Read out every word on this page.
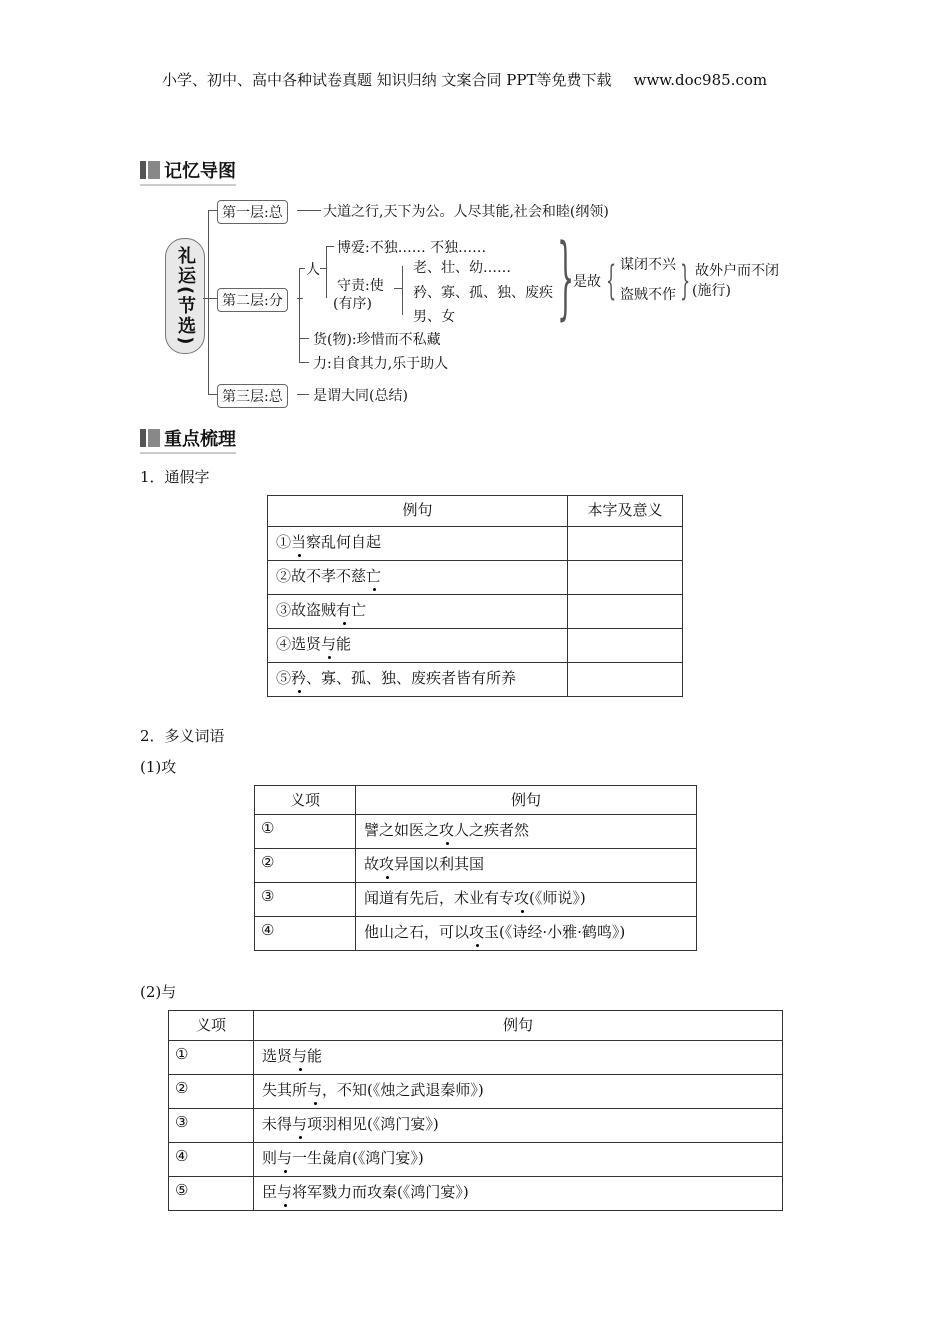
小学、初中、高中各种试卷真题 知识归纳 文案合同 PPT等免费下载 www.doc985.com
记忆导图
礼运(节选)
第一层:总	大道之行,天下为公。人尽其能,社会和睦(纲领)
第二层:分
人
博爱:不独…… 不独……
守责:使
(有序)
老、壮、幼……
矜、寡、孤、独、废疾
男、女 }
是故 { 谋闭不兴
盗贼不作 } 故外户而不闭
(施行)
货(物):珍惜而不私藏
力:自食其力,乐于助人
第三层:总	是谓大同(总结)
重点梳理
1．通假字
例句	本字及意义
①当察乱何自起	
②故不孝不慈亡	
③故盗贼有亡	
④选贤与能	
⑤矜、寡、孤、独、废疾者皆有所养	
2．多义词语
(1)攻
义项	例句
①	譬之如医之攻人之疾者然
②	故攻异国以利其国
③	闻道有先后，术业有专攻(《师说》)
④	他山之石，可以攻玉(《诗经·小雅·鹤鸣》)
(2)与
义项	例句
①	选贤与能
②	失其所与，不知(《烛之武退秦师》)
③	未得与项羽相见(《鸿门宴》)
④	则与一生彘肩(《鸿门宴》)
⑤	臣与将军戮力而攻秦(《鸿门宴》)
